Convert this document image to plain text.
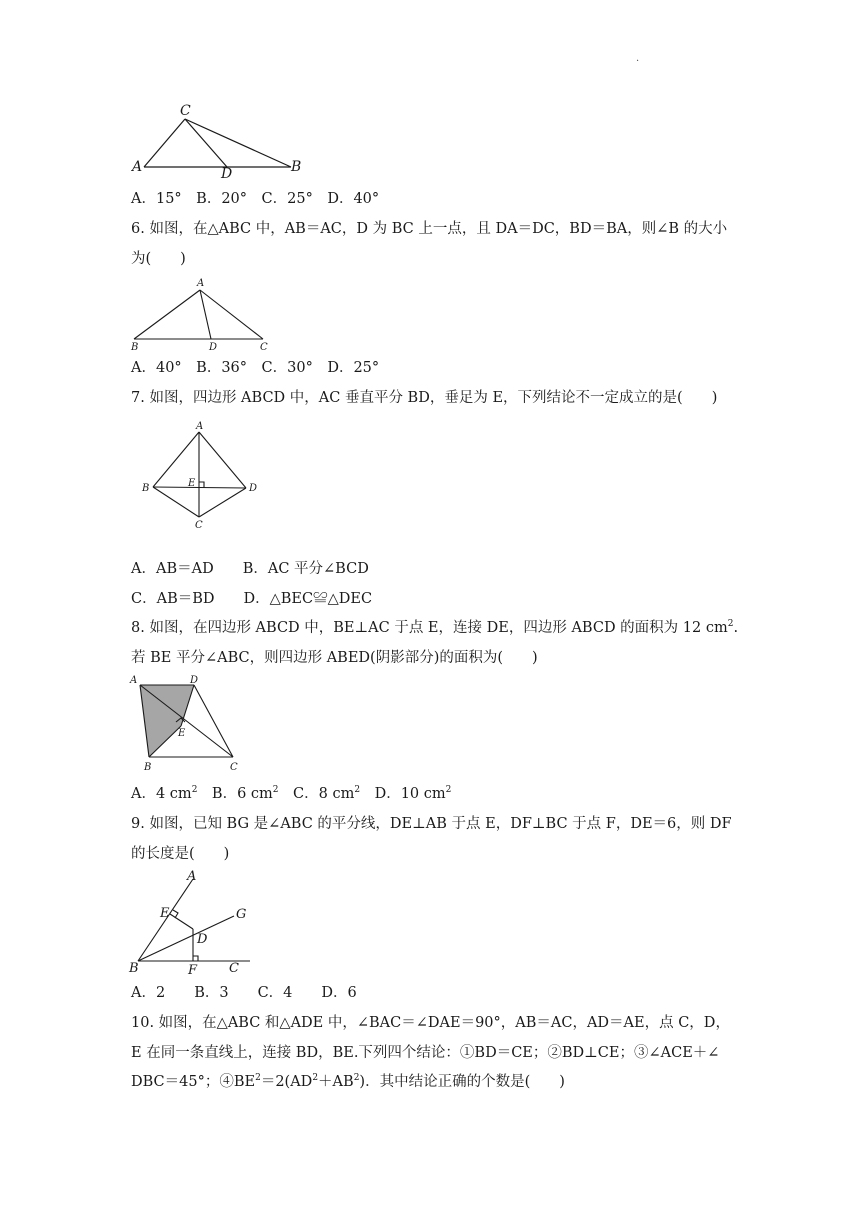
·
C
A	D	B
A．15°　B．20°　C．25°　D．40°
6. 如图，在△ABC 中，AB＝AC，D 为 BC 上一点，且 DA＝DC，BD＝BA，则∠B 的大小
为(　　)
A
B	D	C
A．40°　B．36°　C．30°　D．25°
7. 如图，四边形 ABCD 中，AC 垂直平分 BD，垂足为 E，下列结论不一定成立的是(　　)
A
B	E	D
C
A．AB＝AD　　B．AC 平分∠BCD
C．AB＝BD　　D．△BEC≌△DEC
8. 如图，在四边形 ABCD 中，BE⊥AC 于点 E，连接 DE，四边形 ABCD 的面积为 12 $cm^2$.
若 BE 平分∠ABC，则四边形 ABED(阴影部分)的面积为(　　)
A	D
E
B	C
A．4 $cm^2$　 B．6 $cm^2$　 C．8 $cm^2$　 D．10 $cm^2$
9. 如图，已知 BG 是∠ABC 的平分线，DE⊥AB 于点 E，DF⊥BC 于点 F，DE＝6，则 DF
的长度是(　　)
A
E	G
D
B	F C
A．2　　B．3　　C．4　　D．6
10. 如图，在△ABC 和△ADE 中，∠BAC＝∠DAE＝90°，AB＝AC，AD＝AE，点 C，D，
E 在同一条直线上，连接 BD，BE.下列四个结论：①BD＝CE；②BD⊥CE；③∠ACE＋∠
DBC＝45°；$④BE^2=2(AD^2+AB^2)$．其中结论正确的个数是(　　)
